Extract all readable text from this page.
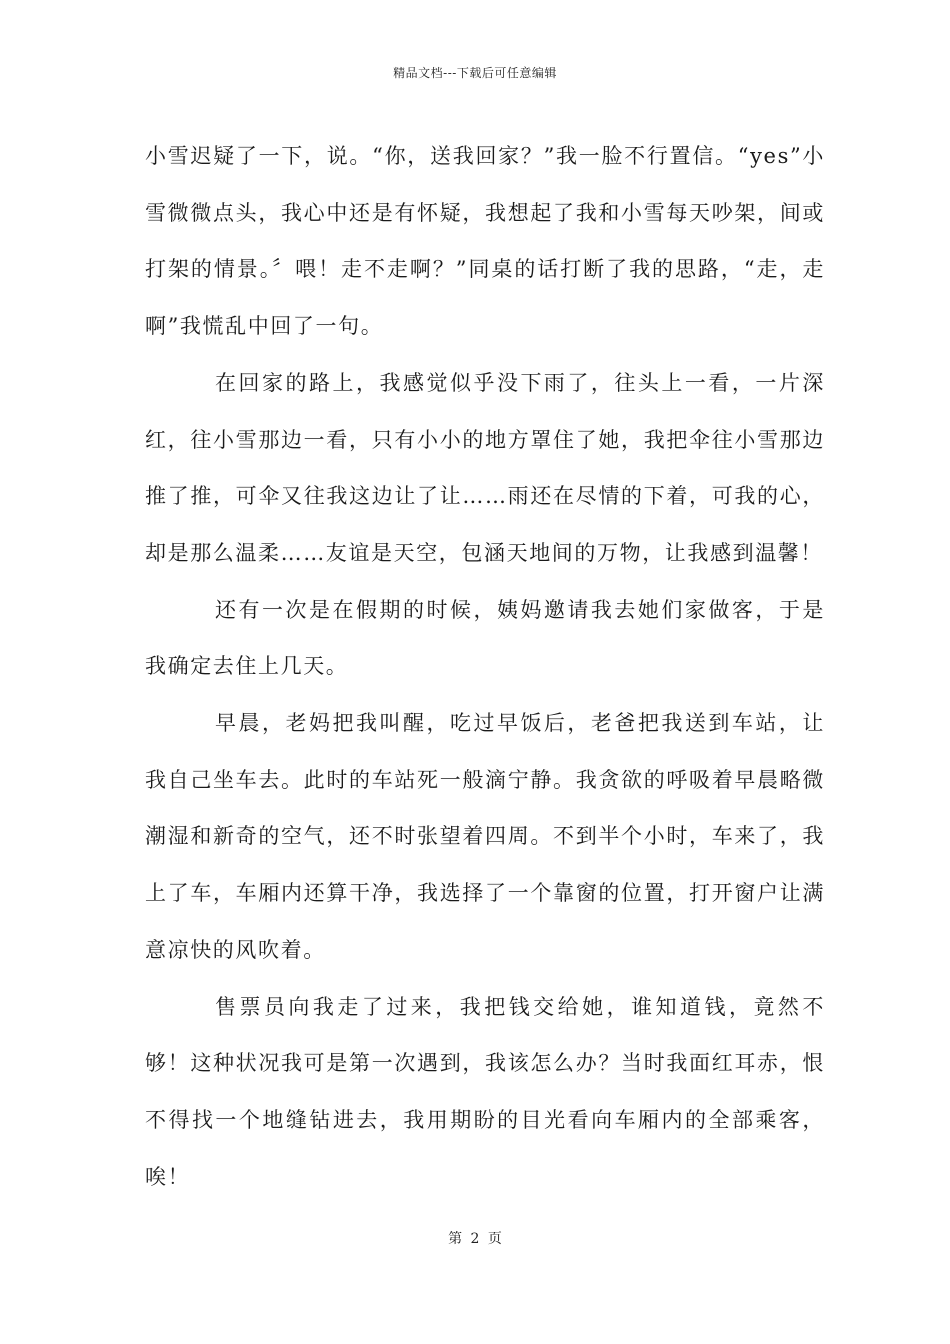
精品文档---下载后可任意编辑

小雪迟疑了一下，说。“你，送我回家？”我一脸不行置信。“yes”小雪微微点头，我心中还是有怀疑，我想起了我和小雪每天吵架，间或打架的情景。〞喂！走不走啊？”同桌的话打断了我的思路，“走，走啊”我慌乱中回了一句。

在回家的路上，我感觉似乎没下雨了，往头上一看，一片深红，往小雪那边一看，只有小小的地方罩住了她，我把伞往小雪那边推了推，可伞又往我这边让了让……雨还在尽情的下着，可我的心，却是那么温柔……友谊是天空，包涵天地间的万物，让我感到温馨！

还有一次是在假期的时候，姨妈邀请我去她们家做客，于是我确定去住上几天。

早晨，老妈把我叫醒，吃过早饭后，老爸把我送到车站，让我自己坐车去。此时的车站死一般滴宁静。我贪欲的呼吸着早晨略微潮湿和新奇的空气，还不时张望着四周。不到半个小时，车来了，我上了车，车厢内还算干净，我选择了一个靠窗的位置，打开窗户让满意凉快的风吹着。

售票员向我走了过来，我把钱交给她，谁知道钱，竟然不够！这种状况我可是第一次遇到，我该怎么办？当时我面红耳赤，恨不得找一个地缝钻进去，我用期盼的目光看向车厢内的全部乘客，唉！

第 2 页
